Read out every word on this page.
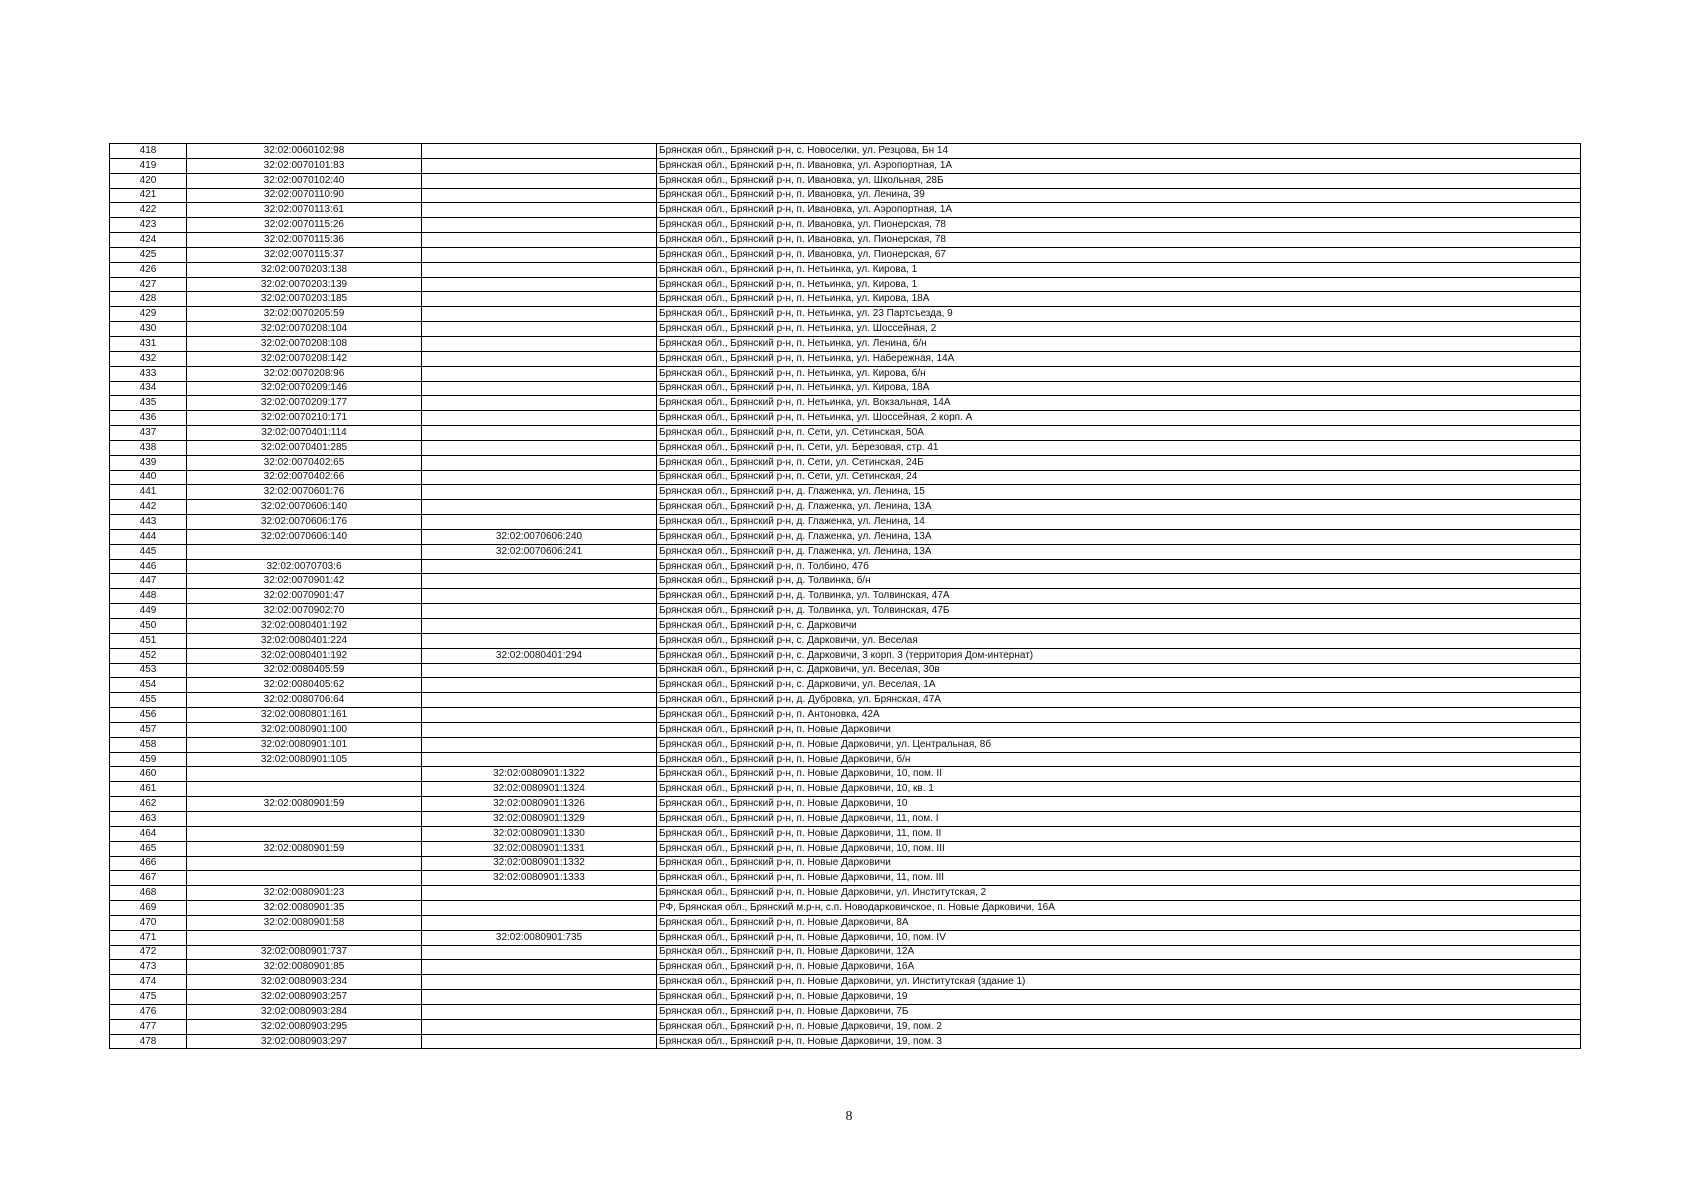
418	32:02:0060102:98		Брянская обл., Брянский р-н, с. Новоселки, ул. Резцова, Бн 14
419	32:02:0070101:83		Брянская обл., Брянский р-н, п. Ивановка, ул. Аэропортная, 1А
420	32:02:0070102:40		Брянская обл., Брянский р-н, п. Ивановка, ул. Школьная, 28Б
421	32:02:0070110:90		Брянская обл., Брянский р-н, п. Ивановка, ул. Ленина, 39
422	32:02:0070113:61		Брянская обл., Брянский р-н, п. Ивановка, ул. Аэропортная, 1А
423	32:02:0070115:26		Брянская обл., Брянский р-н, п. Ивановка, ул. Пионерская, 78
424	32:02:0070115:36		Брянская обл., Брянский р-н, п. Ивановка, ул. Пионерская, 78
425	32:02:0070115:37		Брянская обл., Брянский р-н, п. Ивановка, ул. Пионерская, 67
426	32:02:0070203:138		Брянская обл., Брянский р-н, п. Нетьинка, ул. Кирова, 1
427	32:02:0070203:139		Брянская обл., Брянский р-н, п. Нетьинка, ул. Кирова, 1
428	32:02:0070203:185		Брянская обл., Брянский р-н, п. Нетьинка, ул. Кирова, 18А
429	32:02:0070205:59		Брянская обл., Брянский р-н, п. Нетьинка, ул. 23 Партсъезда, 9
430	32:02:0070208:104		Брянская обл., Брянский р-н, п. Нетьинка, ул. Шоссейная, 2
431	32:02:0070208:108		Брянская обл., Брянский р-н, п. Нетьинка, ул. Ленина, б/н
432	32:02:0070208:142		Брянская обл., Брянский р-н, п. Нетьинка, ул. Набережная, 14А
433	32:02:0070208:96		Брянская обл., Брянский р-н, п. Нетьинка, ул. Кирова, б/н
434	32:02:0070209:146		Брянская обл., Брянский р-н, п. Нетьинка, ул. Кирова, 18А
435	32:02:0070209:177		Брянская обл., Брянский р-н, п. Нетьинка, ул. Вокзальная, 14А
436	32:02:0070210:171		Брянская обл., Брянский р-н, п. Нетьинка, ул. Шоссейная, 2 корп. А
437	32:02:0070401:114		Брянская обл., Брянский р-н, п. Сети, ул. Сетинская, 50А
438	32:02:0070401:285		Брянская обл., Брянский р-н, п. Сети, ул. Березовая, стр. 41
439	32:02:0070402:65		Брянская обл., Брянский р-н, п. Сети, ул. Сетинская, 24Б
440	32:02:0070402:66		Брянская обл., Брянский р-н, п. Сети, ул. Сетинская, 24
441	32:02:0070601:76		Брянская обл., Брянский р-н, д. Глаженка, ул. Ленина, 15
442	32:02:0070606:140		Брянская обл., Брянский р-н, д. Глаженка, ул. Ленина, 13А
443	32:02:0070606:176		Брянская обл., Брянский р-н, д. Глаженка, ул. Ленина, 14
444	32:02:0070606:140	32:02:0070606:240	Брянская обл., Брянский р-н, д. Глаженка, ул. Ленина, 13А
445		32:02:0070606:241	Брянская обл., Брянский р-н, д. Глаженка, ул. Ленина, 13А
446	32:02:0070703:6		Брянская обл., Брянский р-н, п. Толбино, 47б
447	32:02:0070901:42		Брянская обл., Брянский р-н, д. Толвинка, б/н
448	32:02:0070901:47		Брянская обл., Брянский р-н, д. Толвинка, ул. Толвинская, 47А
449	32:02:0070902:70		Брянская обл., Брянский р-н, д. Толвинка, ул. Толвинская, 47Б
450	32:02:0080401:192		Брянская обл., Брянский р-н, с. Дарковичи
451	32:02:0080401:224		Брянская обл., Брянский р-н, с. Дарковичи, ул. Веселая
452	32:02:0080401:192	32:02:0080401:294	Брянская обл., Брянский р-н, с. Дарковичи, 3 корп. 3 (территория Дом-интернат)
453	32:02:0080405:59		Брянская обл., Брянский р-н, с. Дарковичи, ул. Веселая, 30в
454	32:02:0080405:62		Брянская обл., Брянский р-н, с. Дарковичи, ул. Веселая, 1А
455	32:02:0080706:64		Брянская обл., Брянский р-н, д. Дубровка, ул. Брянская, 47А
456	32:02:0080801:161		Брянская обл., Брянский р-н, п. Антоновка, 42А
457	32:02:0080901:100		Брянская обл., Брянский р-н, п. Новые Дарковичи
458	32:02:0080901:101		Брянская обл., Брянский р-н, п. Новые Дарковичи, ул. Центральная, 8б
459	32:02:0080901:105		Брянская обл., Брянский р-н, п. Новые Дарковичи, б/н
460		32:02:0080901:1322	Брянская обл., Брянский р-н, п. Новые Дарковичи, 10, пом. II
461		32:02:0080901:1324	Брянская обл., Брянский р-н, п. Новые Дарковичи, 10, кв. 1
462	32:02:0080901:59	32:02:0080901:1326	Брянская обл., Брянский р-н, п. Новые Дарковичи, 10
463		32:02:0080901:1329	Брянская обл., Брянский р-н, п. Новые Дарковичи, 11, пом. I
464		32:02:0080901:1330	Брянская обл., Брянский р-н, п. Новые Дарковичи, 11, пом. II
465	32:02:0080901:59	32:02:0080901:1331	Брянская обл., Брянский р-н, п. Новые Дарковичи, 10, пом. III
466		32:02:0080901:1332	Брянская обл., Брянский р-н, п. Новые Дарковичи
467		32:02:0080901:1333	Брянская обл., Брянский р-н, п. Новые Дарковичи, 11, пом. III
468	32:02:0080901:23		Брянская обл., Брянский р-н, п. Новые Дарковичи, ул. Институтская, 2
469	32:02:0080901:35		РФ, Брянская обл., Брянский м.р-н, с.п. Новодарковичское, п. Новые Дарковичи, 16А
470	32:02:0080901:58		Брянская обл., Брянский р-н, п. Новые Дарковичи, 8А
471		32:02:0080901:735	Брянская обл., Брянский р-н, п. Новые Дарковичи, 10, пом. IV
472	32:02:0080901:737		Брянская обл., Брянский р-н, п. Новые Дарковичи, 12А
473	32:02:0080901:85		Брянская обл., Брянский р-н, п. Новые Дарковичи, 16А
474	32:02:0080903:234		Брянская обл., Брянский р-н, п. Новые Дарковичи, ул. Институтская (здание 1)
475	32:02:0080903:257		Брянская обл., Брянский р-н, п. Новые Дарковичи, 19
476	32:02:0080903:284		Брянская обл., Брянский р-н, п. Новые Дарковичи, 7Б
477	32:02:0080903:295		Брянская обл., Брянский р-н, п. Новые Дарковичи, 19, пом. 2
478	32:02:0080903:297		Брянская обл., Брянский р-н, п. Новые Дарковичи, 19, пом. 3
8
